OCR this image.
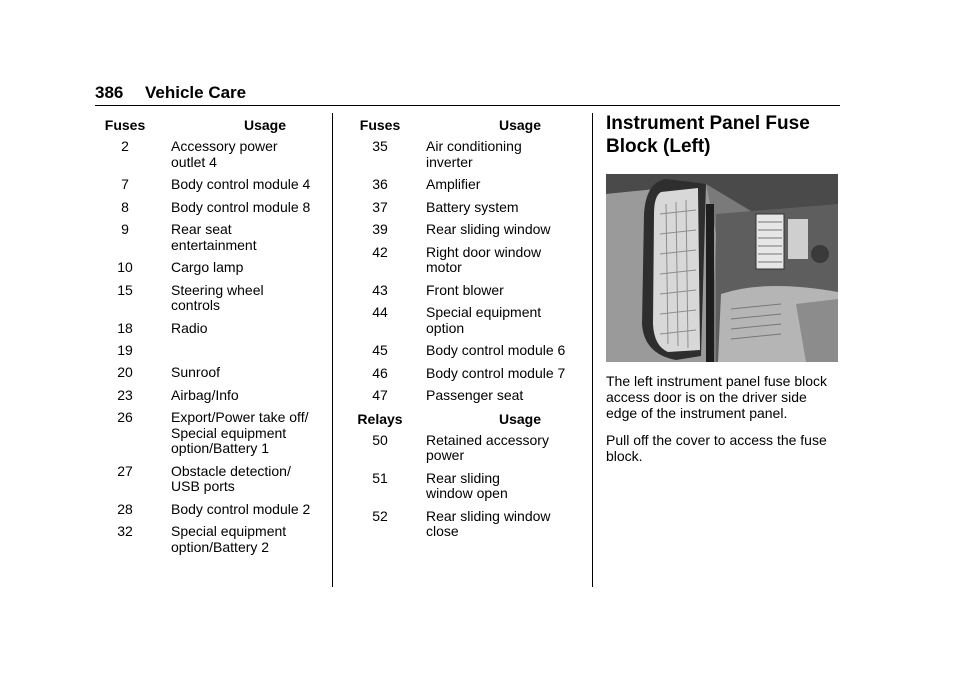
386 Vehicle Care
Fuses	Usage
2	Accessory power
outlet 4
7	Body control module 4
8	Body control module 8
9	Rear seat
entertainment
10	Cargo lamp
15	Steering wheel
controls
18	Radio
19
20	Sunroof
23	Airbag/Info
26	Export/Power take off/
Special equipment
option/Battery 1
27	Obstacle detection/
USB ports
28	Body control module 2
32	Special equipment
option/Battery 2
Fuses	Usage
35	Air conditioning
inverter
36	Amplifier
37	Battery system
39	Rear sliding window
42	Right door window
motor
43	Front blower
44	Special equipment
option
45	Body control module 6
46	Body control module 7
47	Passenger seat
Relays	Usage
50	Retained accessory
power
51	Rear sliding
window open
52	Rear sliding window
close
Instrument Panel Fuse Block (Left)

The left instrument panel fuse block access door is on the driver side edge of the instrument panel.

Pull off the cover to access the fuse block.
